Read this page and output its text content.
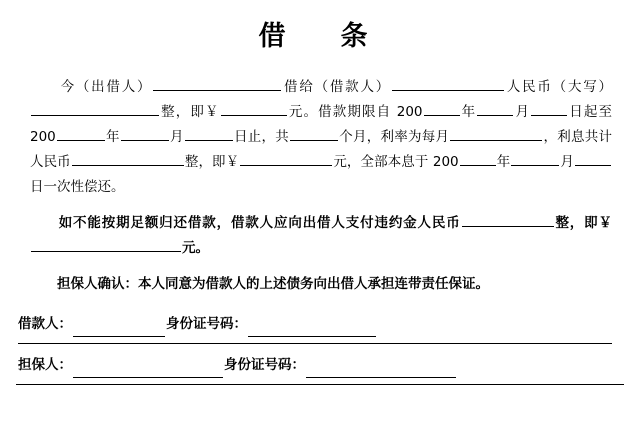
借　条

　　今（出借人）	借给（借款人）	人民币（大写）整，即￥	元。借款期限自 200	年	月	日起至 200	年	月	日止，共	个月，利率为每月	，利息共计人民币	整，即￥	元，全部本息于 200	年	月日一次性偿还。

　　如不能按期足额归还借款，借款人应向出借人支付违约金人民币	整，即￥元。

　　担保人确认：本人同意为借款人的上述债务向出借人承担连带责任保证。

借款人：	身份证号码：
担保人：	身份证号码：
